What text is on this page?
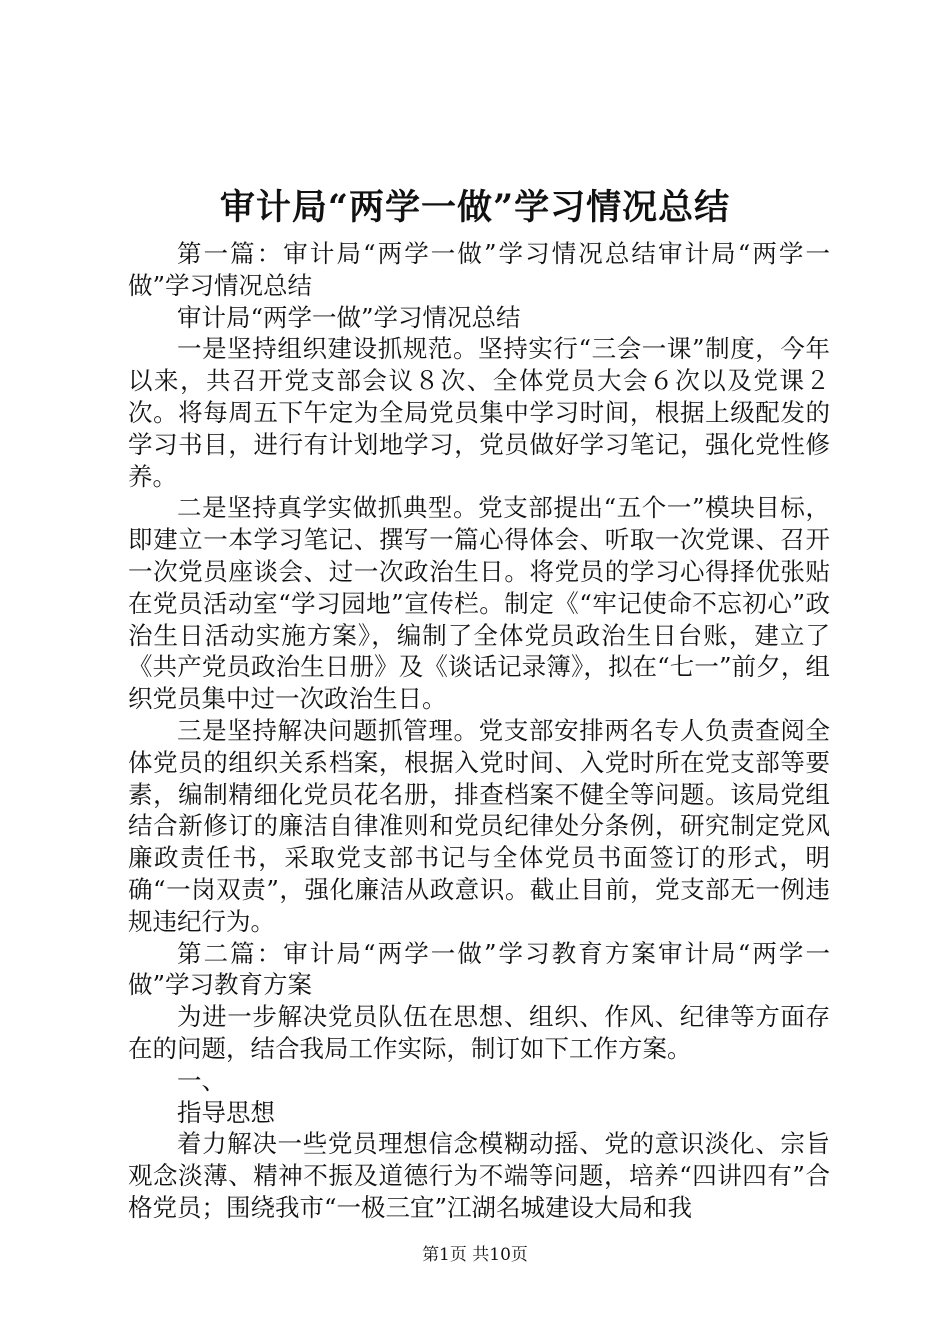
审计局“两学一做”学习情况总结

第一篇：审计局“两学一做”学习情况总结审计局“两学一做”学习情况总结

审计局“两学一做”学习情况总结

一是坚持组织建设抓规范。坚持实行“三会一课”制度，今年以来，共召开党支部会议８次、全体党员大会６次以及党课２次。将每周五下午定为全局党员集中学习时间，根据上级配发的学习书目，进行有计划地学习，党员做好学习笔记，强化党性修养。

二是坚持真学实做抓典型。党支部提出“五个一”模块目标，即建立一本学习笔记、撰写一篇心得体会、听取一次党课、召开一次党员座谈会、过一次政治生日。将党员的学习心得择优张贴在党员活动室“学习园地”宣传栏。制定《“牢记使命不忘初心”政治生日活动实施方案》，编制了全体党员政治生日台账，建立了《共产党员政治生日册》及《谈话记录簿》，拟在“七一”前夕，组织党员集中过一次政治生日。

三是坚持解决问题抓管理。党支部安排两名专人负责查阅全体党员的组织关系档案，根据入党时间、入党时所在党支部等要素，编制精细化党员花名册，排查档案不健全等问题。该局党组结合新修订的廉洁自律准则和党员纪律处分条例，研究制定党风廉政责任书，采取党支部书记与全体党员书面签订的形式，明确“一岗双责”，强化廉洁从政意识。截止目前，党支部无一例违规违纪行为。

第二篇：审计局“两学一做”学习教育方案审计局“两学一做”学习教育方案

为进一步解决党员队伍在思想、组织、作风、纪律等方面存在的问题，结合我局工作实际，制订如下工作方案。

一、

指导思想

着力解决一些党员理想信念模糊动摇、党的意识淡化、宗旨观念淡薄、精神不振及道德行为不端等问题，培养“四讲四有”合格党员；围绕我市“一极三宜”江湖名城建设大局和我

第1页 共10页
